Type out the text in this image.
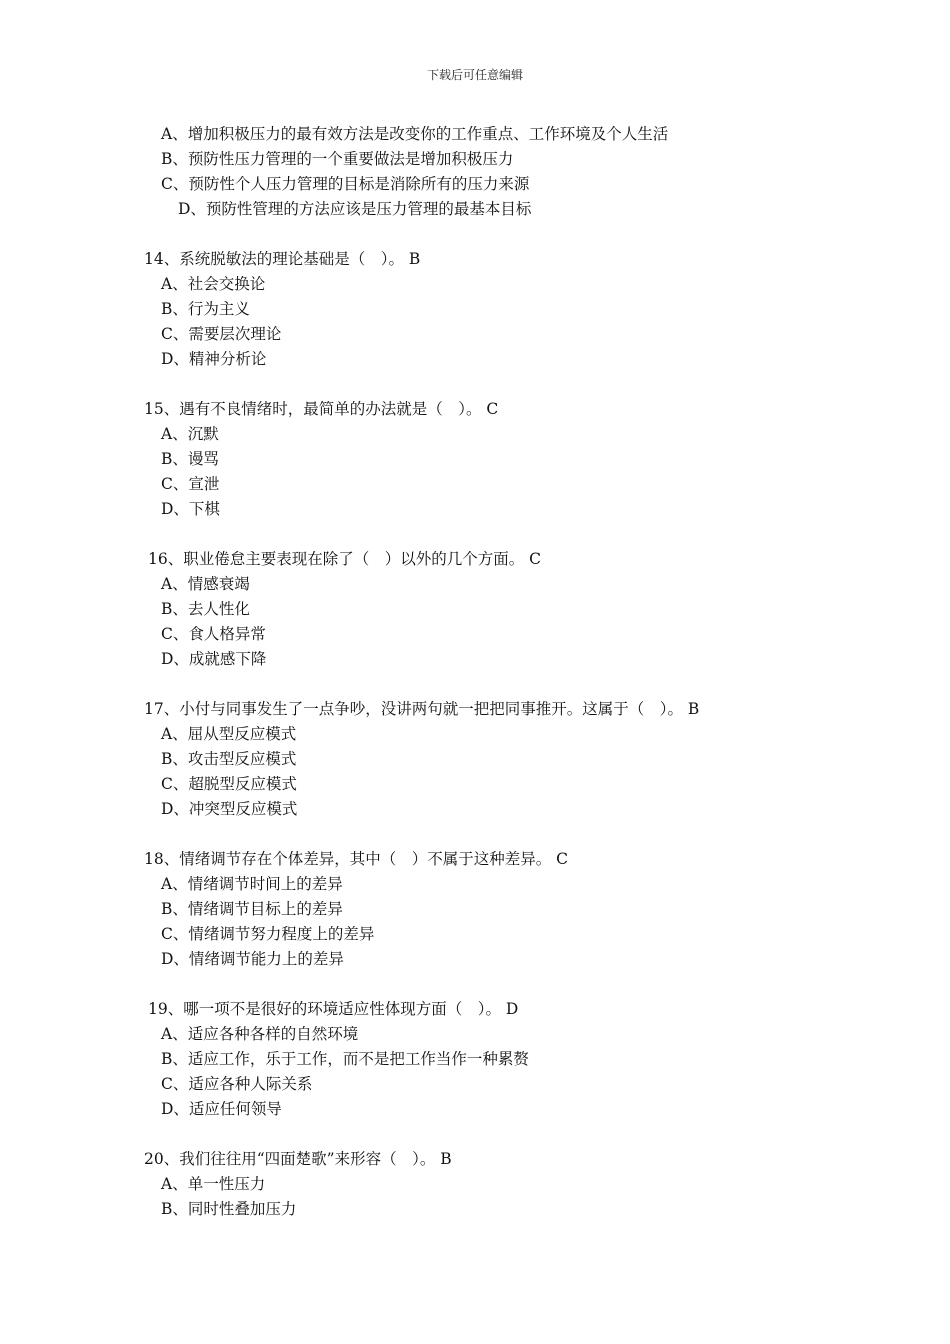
下载后可任意编辑
A、增加积极压力的最有效方法是改变你的工作重点、工作环境及个人生活
B、预防性压力管理的一个重要做法是增加积极压力
C、预防性个人压力管理的目标是消除所有的压力来源
D、预防性管理的方法应该是压力管理的最基本目标
14、系统脱敏法的理论基础是（　）。 B
A、社会交换论
B、行为主义
C、需要层次理论
D、精神分析论
15、遇有不良情绪时，最简单的办法就是（　）。 C
A、沉默
B、谩骂
C、宣泄
D、下棋
16、职业倦怠主要表现在除了（　）以外的几个方面。 C
A、情感衰竭
B、去人性化
C、食人格异常
D、成就感下降
17、小付与同事发生了一点争吵，没讲两句就一把把同事推开。这属于（　）。 B
A、屈从型反应模式
B、攻击型反应模式
C、超脱型反应模式
D、冲突型反应模式
18、情绪调节存在个体差异，其中（　）不属于这种差异。 C
A、情绪调节时间上的差异
B、情绪调节目标上的差异
C、情绪调节努力程度上的差异
D、情绪调节能力上的差异
19、哪一项不是很好的环境适应性体现方面（　）。 D
A、适应各种各样的自然环境
B、适应工作，乐于工作，而不是把工作当作一种累赘
C、适应各种人际关系
D、适应任何领导
20、我们往往用“四面楚歌”来形容（　）。 B
A、单一性压力
B、同时性叠加压力
